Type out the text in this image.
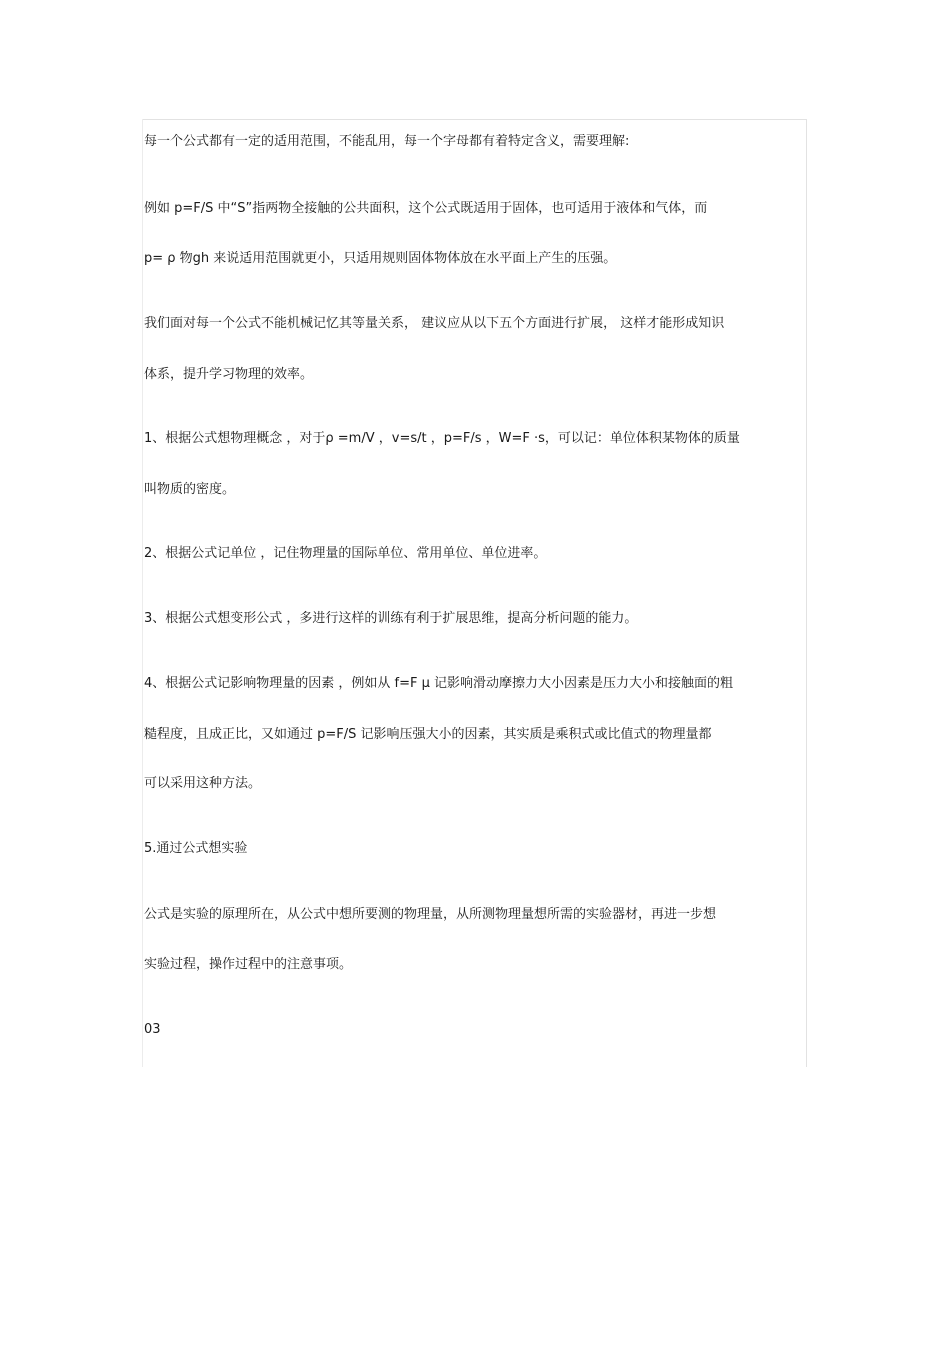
每一个公式都有一定的适用范围，不能乱用，每一个字母都有着特定含义，需要理解:

例如 p=F/S 中“S”指两物全接触的公共面积，这个公式既适用于固体，也可适用于液体和气体，而

p= ρ 物gh 来说适用范围就更小，只适用规则固体物体放在水平面上产生的压强。

我们面对每一个公式不能机械记忆其等量关系， 建议应从以下五个方面进行扩展， 这样才能形成知识

体系，提升学习物理的效率。

1、根据公式想物理概念 ，对于ρ =m/V ，v=s/t ，p=F/s ，W=F ·s，可以记：单位体积某物体的质量

叫物质的密度。

2、根据公式记单位 ，记住物理量的国际单位、常用单位、单位进率。

3、根据公式想变形公式 ，多进行这样的训练有利于扩展思维，提高分析问题的能力。

4、根据公式记影响物理量的因素 ，例如从 f=F μ 记影响滑动摩擦力大小因素是压力大小和接触面的粗

糙程度，且成正比，又如通过 p=F/S 记影响压强大小的因素，其实质是乘积式或比值式的物理量都

可以采用这种方法。

5.通过公式想实验

公式是实验的原理所在，从公式中想所要测的物理量，从所测物理量想所需的实验器材，再进一步想

实验过程，操作过程中的注意事项。

03
